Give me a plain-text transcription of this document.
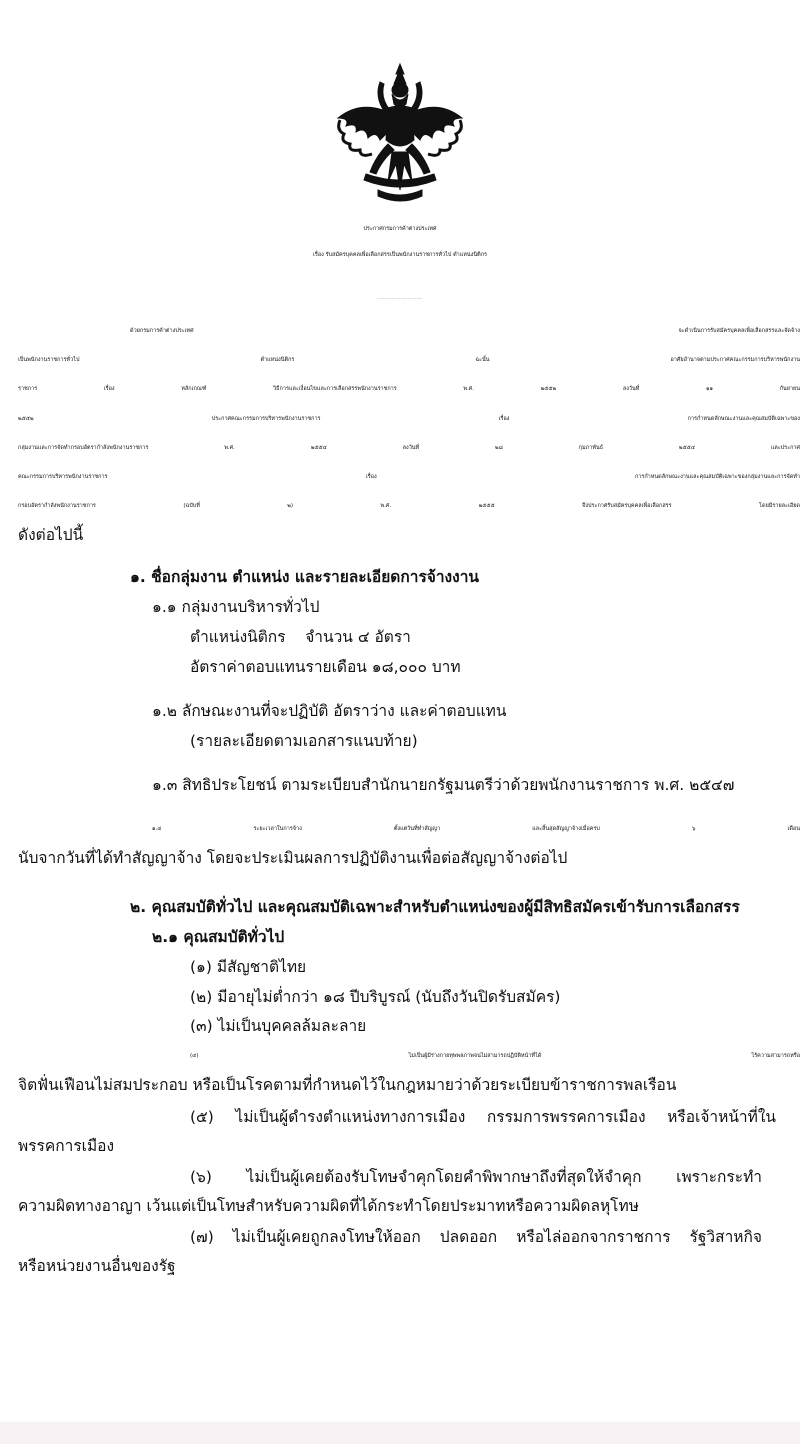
ประกาศกรมการค้าต่างประเทศ
เรื่อง รับสมัครบุคคลเพื่อเลือกสรรเป็นพนักงานราชการทั่วไป ตำแหน่งนิติกร
-------------------------------------
ด้วยกรมการค้าต่างประเทศ จะดำเนินการรับสมัครบุคคลเพื่อเลือกสรรและจัดจ้าง
เป็นพนักงานราชการทั่วไป ตำแหน่งนิติกร ฉะนั้น อาศัยอำนาจตามประกาศคณะกรรมการบริหารพนักงาน
ราชการ เรื่อง หลักเกณฑ์ วิธีการและเงื่อนไขและการเลือกสรรพนักงานราชการ พ.ศ. ๒๕๕๒ ลงวันที่ ๑๑ กันยายน
๒๕๕๒ ประกาศคณะกรรมการบริหารพนักงานราชการ เรื่อง การกำหนดลักษณะงานและคุณสมบัติเฉพาะของ
กลุ่มงานและการจัดทำกรอบอัตรากำลังพนักงานราชการ พ.ศ. ๒๕๕๔ ลงวันที่ ๒๘ กุมภาพันธ์ ๒๕๕๔ และประกาศ
คณะกรรมการบริหารพนักงานราชการ เรื่อง การกำหนดลักษณะงานและคุณสมบัติเฉพาะของกลุ่มงานและการจัดทำ
กรอบอัตรากำลังพนักงานราชการ (ฉบับที่ ๒) พ.ศ. ๒๕๕๕ จึงประกาศรับสมัครบุคคลเพื่อเลือกสรร โดยมีรายละเอียด
ดังต่อไปนี้
๑. ชื่อกลุ่มงาน ตำแหน่ง และรายละเอียดการจ้างงาน
๑.๑ กลุ่มงานบริหารทั่วไป
ตำแหน่งนิติกร    จำนวน ๔ อัตรา
อัตราค่าตอบแทนรายเดือน ๑๘,๐๐๐ บาท
๑.๒ ลักษณะงานที่จะปฏิบัติ อัตราว่าง และค่าตอบแทน
(รายละเอียดตามเอกสารแนบท้าย)
๑.๓ สิทธิประโยชน์ ตามระเบียบสำนักนายกรัฐมนตรีว่าด้วยพนักงานราชการ พ.ศ. ๒๕๔๗
๑.๔ ระยะเวลาในการจ้าง ตั้งแต่วันที่ทำสัญญา และสิ้นสุดสัญญาจ้างเมื่อครบ ๖ เดือน
นับจากวันที่ได้ทำสัญญาจ้าง โดยจะประเมินผลการปฏิบัติงานเพื่อต่อสัญญาจ้างต่อไป
๒. คุณสมบัติทั่วไป และคุณสมบัติเฉพาะสำหรับตำแหน่งของผู้มีสิทธิสมัครเข้ารับการเลือกสรร
๒.๑ คุณสมบัติทั่วไป
(๑) มีสัญชาติไทย
(๒) มีอายุไม่ต่ำกว่า ๑๘ ปีบริบูรณ์ (นับถึงวันปิดรับสมัคร)
(๓) ไม่เป็นบุคคลล้มละลาย
(๔) ไม่เป็นผู้มีร่างกายทุพพลภาพจนไม่สามารถปฏิบัติหน้าที่ได้ ไร้ความสามารถหรือ
จิตฟั่นเฟือนไม่สมประกอบ หรือเป็นโรคตามที่กำหนดไว้ในกฎหมายว่าด้วยระเบียบข้าราชการพลเรือน
(๕) ไม่เป็นผู้ดำรงตำแหน่งทางการเมือง กรรมการพรรคการเมือง หรือเจ้าหน้าที่ใน
พรรคการเมือง
(๖) ไม่เป็นผู้เคยต้องรับโทษจำคุกโดยคำพิพากษาถึงที่สุดให้จำคุก เพราะกระทำ
ความผิดทางอาญา เว้นแต่เป็นโทษสำหรับความผิดที่ได้กระทำโดยประมาทหรือความผิดลหุโทษ
(๗) ไม่เป็นผู้เคยถูกลงโทษให้ออก ปลดออก หรือไล่ออกจากราชการ รัฐวิสาหกิจ
หรือหน่วยงานอื่นของรัฐ
